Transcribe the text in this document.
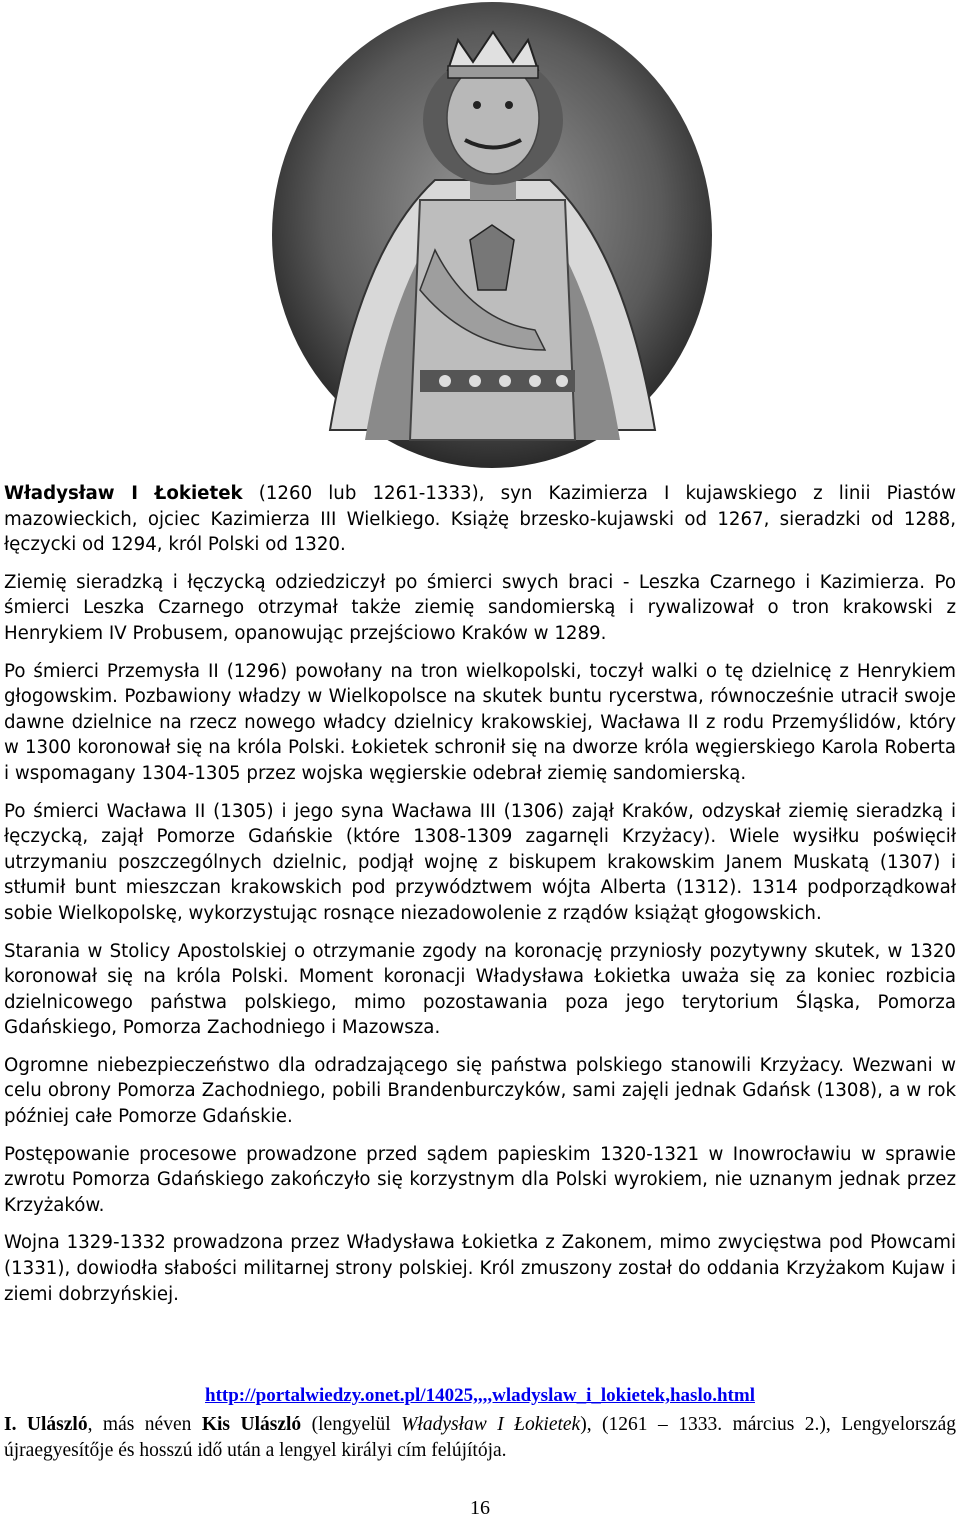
Władysław I Łokietek (1260 lub 1261-1333), syn Kazimierza I kujawskiego z linii Piastów mazowieckich, ojciec Kazimierza III Wielkiego. Książę brzesko-kujawski od 1267, sieradzki od 1288, łęczycki od 1294, król Polski od 1320.

Ziemię sieradzką i łęczycką odziedziczył po śmierci swych braci - Leszka Czarnego i Kazimierza. Po śmierci Leszka Czarnego otrzymał także ziemię sandomierską i rywalizował o tron krakowski z Henrykiem IV Probusem, opanowując przejściowo Kraków w 1289.

Po śmierci Przemysła II (1296) powołany na tron wielkopolski, toczył walki o tę dzielnicę z Henrykiem głogowskim. Pozbawiony władzy w Wielkopolsce na skutek buntu rycerstwa, równocześnie utracił swoje dawne dzielnice na rzecz nowego władcy dzielnicy krakowskiej, Wacława II z rodu Przemyślidów, który w 1300 koronował się na króla Polski. Łokietek schronił się na dworze króla węgierskiego Karola Roberta i wspomagany 1304-1305 przez wojska węgierskie odebrał ziemię sandomierską.

Po śmierci Wacława II (1305) i jego syna Wacława III (1306) zajął Kraków, odzyskał ziemię sieradzką i łęczycką, zajął Pomorze Gdańskie (które 1308-1309 zagarnęli Krzyżacy). Wiele wysiłku poświęcił utrzymaniu poszczególnych dzielnic, podjął wojnę z biskupem krakowskim Janem Muskatą (1307) i stłumił bunt mieszczan krakowskich pod przywództwem wójta Alberta (1312). 1314 podporządkował sobie Wielkopolskę, wykorzystując rosnące niezadowolenie z rządów książąt głogowskich.

Starania w Stolicy Apostolskiej o otrzymanie zgody na koronację przyniosły pozytywny skutek, w 1320 koronował się na króla Polski. Moment koronacji Władysława Łokietka uważa się za koniec rozbicia dzielnicowego państwa polskiego, mimo pozostawania poza jego terytorium Śląska, Pomorza Gdańskiego, Pomorza Zachodniego i Mazowsza.

Ogromne niebezpieczeństwo dla odradzającego się państwa polskiego stanowili Krzyżacy. Wezwani w celu obrony Pomorza Zachodniego, pobili Brandenburczyków, sami zajęli jednak Gdańsk (1308), a w rok później całe Pomorze Gdańskie.

Postępowanie procesowe prowadzone przed sądem papieskim 1320-1321 w Inowrocławiu w sprawie zwrotu Pomorza Gdańskiego zakończyło się korzystnym dla Polski wyrokiem, nie uznanym jednak przez Krzyżaków.

Wojna 1329-1332 prowadzona przez Władysława Łokietka z Zakonem, mimo zwycięstwa pod Płowcami (1331), dowiodła słabości militarnej strony polskiej. Król zmuszony został do oddania Krzyżakom Kujaw i ziemi dobrzyńskiej.

http://portalwiedzy.onet.pl/14025,,,,wladyslaw_i_lokietek,haslo.html

I. Ulászló, más néven Kis Ulászló (lengyelül Władysław I Łokietek), (1261 – 1333. március 2.), Lengyelország újraegyesítője és hosszú idő után a lengyel királyi cím felújítója.

16
